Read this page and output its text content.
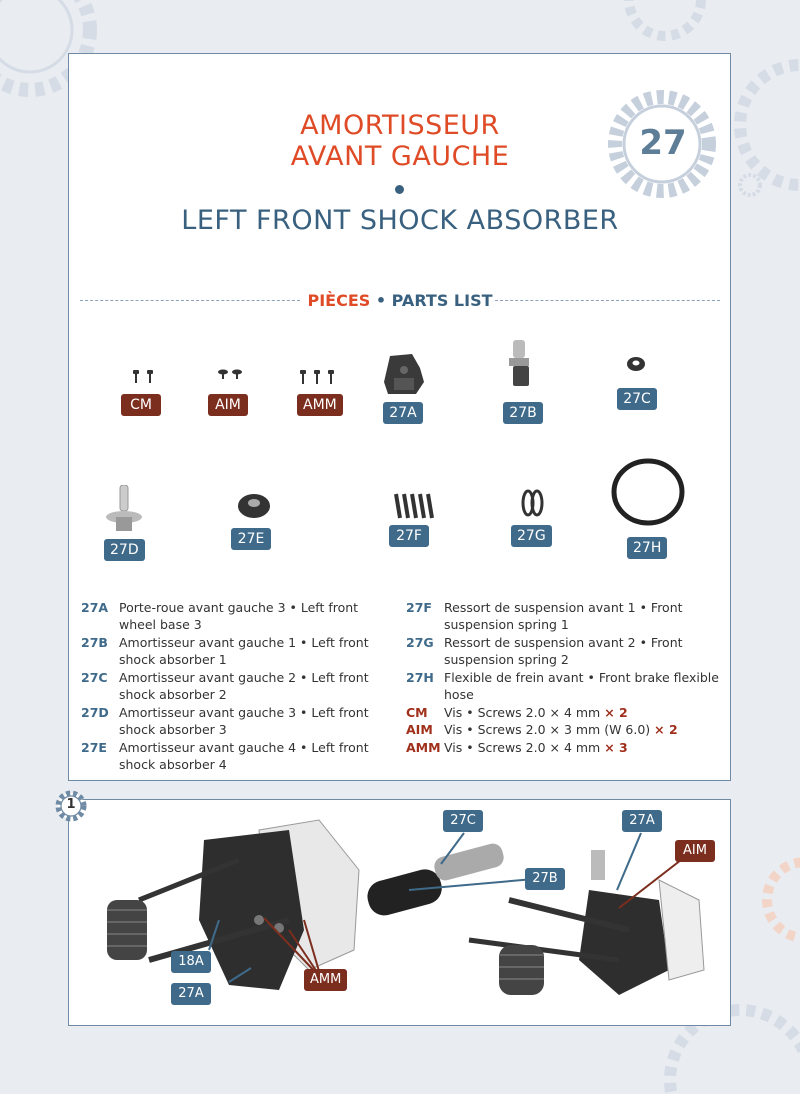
27
AMORTISSEUR
AVANT GAUCHE
LEFT FRONT SHOCK ABSORBER
PIÈCES • PARTS LIST
CM	AIM	AMM	27A	27B
27C
27D
27E	27F	27G
27H
27A Porte-roue avant gauche 3 • Left front wheel base 3
27B Amortisseur avant gauche 1 • Left front shock absorber 1
27C Amortisseur avant gauche 2 • Left front shock absorber 2
27D Amortisseur avant gauche 3 • Left front shock absorber 3
27E Amortisseur avant gauche 4 • Left front shock absorber 4
27F Ressort de suspension avant 1 • Front suspension spring 1
27G Ressort de suspension avant 2 • Front suspension spring 2
27H Flexible de frein avant • Front brake flexible hose
CM Vis • Screws 2.0 × 4 mm × 2
AIM Vis • Screws 2.0 × 3 mm (W 6.0) × 2
AMM Vis • Screws 2.0 × 4 mm × 3
1
27C	27A
27B
AIM
18A
27A
AMM
